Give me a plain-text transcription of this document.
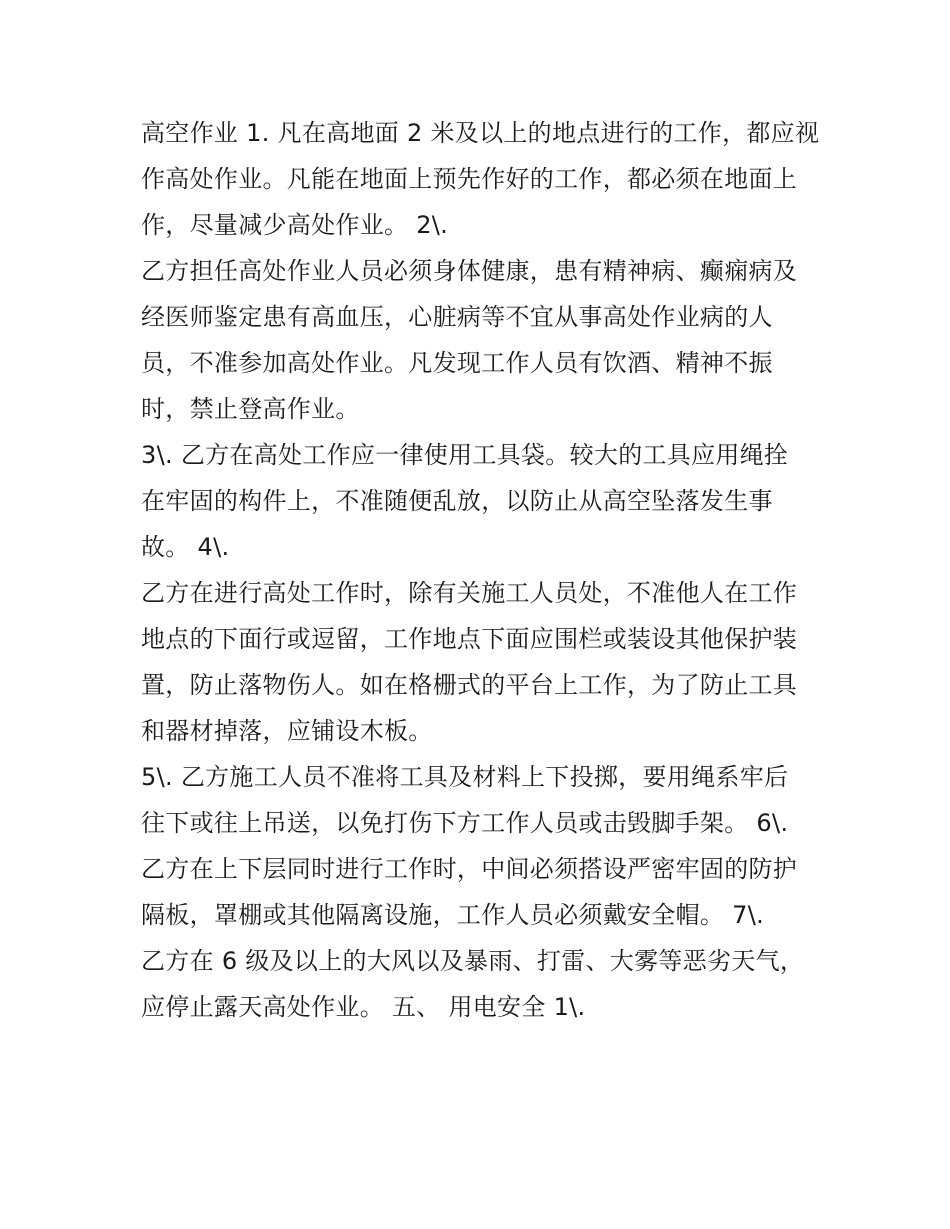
高空作业 1. 凡在高地面 2 米及以上的地点进行的工作，都应视
作高处作业。凡能在地面上预先作好的工作，都必须在地面上
作，尽量减少高处作业。 2\.
乙方担任高处作业人员必须身体健康，患有精神病、癫痫病及
经医师鉴定患有高血压，心脏病等不宜从事高处作业病的人
员，不准参加高处作业。凡发现工作人员有饮酒、精神不振
时，禁止登高作业。
3\. 乙方在高处工作应一律使用工具袋。较大的工具应用绳拴
在牢固的构件上，不准随便乱放，以防止从高空坠落发生事
故。 4\.
乙方在进行高处工作时，除有关施工人员处，不准他人在工作
地点的下面行或逗留，工作地点下面应围栏或装设其他保护装
置，防止落物伤人。如在格栅式的平台上工作，为了防止工具
和器材掉落，应铺设木板。
5\. 乙方施工人员不准将工具及材料上下投掷，要用绳系牢后
往下或往上吊送，以免打伤下方工作人员或击毁脚手架。 6\.
乙方在上下层同时进行工作时，中间必须搭设严密牢固的防护
隔板，罩棚或其他隔离设施，工作人员必须戴安全帽。 7\.
乙方在 6 级及以上的大风以及暴雨、打雷、大雾等恶劣天气，
应停止露天高处作业。 五、 用电安全 1\.
